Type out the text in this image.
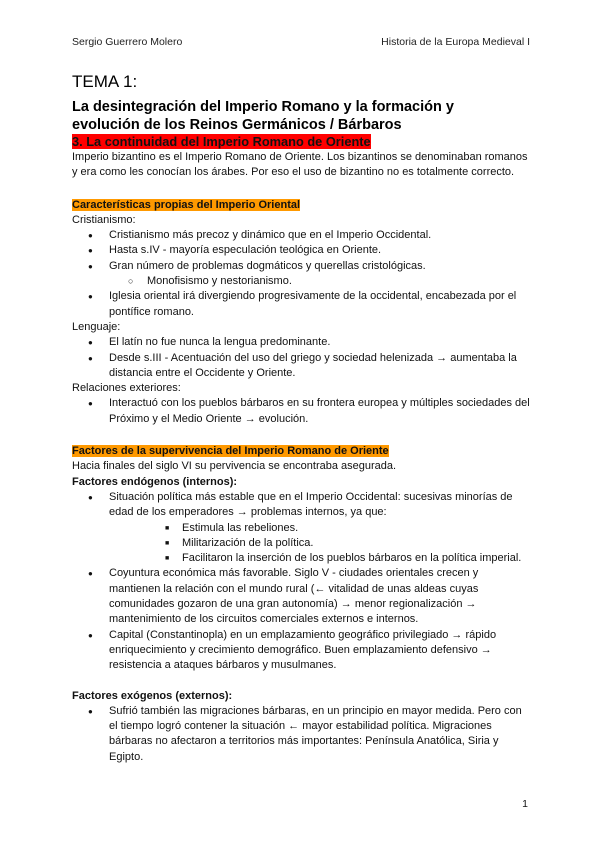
Sergio Guerrero Molero	Historia de la Europa Medieval I
TEMA 1:
La desintegración del Imperio Romano y la formación y
evolución de los Reinos Germánicos / Bárbaros
3. La continuidad del Imperio Romano de Oriente

Imperio bizantino es el Imperio Romano de Oriente. Los bizantinos se denominaban romanos y era como les conocían los árabes. Por eso el uso de bizantino no es totalmente correcto.

Características propias del Imperio Oriental
Cristianismo:
● Cristianismo más precoz y dinámico que en el Imperio Occidental.
● Hasta s.IV - mayoría especulación teológica en Oriente.
● Gran número de problemas dogmáticos y querellas cristológicas.
○ Monofisismo y nestorianismo.
● Iglesia oriental irá divergiendo progresivamente de la occidental, encabezada por el pontífice romano.
Lenguaje:
● El latín no fue nunca la lengua predominante.
● Desde s.III - Acentuación del uso del griego y sociedad helenizada → aumentaba la distancia entre el Occidente y Oriente.
Relaciones exteriores:
● Interactuó con los pueblos bárbaros en su frontera europea y múltiples sociedades del Próximo y el Medio Oriente → evolución.
Factores de la supervivencia del Imperio Romano de Oriente
Hacia finales del siglo VI su pervivencia se encontraba asegurada.
Factores endógenos (internos):
● Situación política más estable que en el Imperio Occidental: sucesivas minorías de edad de los emperadores → problemas internos, ya que:
■ Estimula las rebeliones.
■ Militarización de la política.
■ Facilitaron la inserción de los pueblos bárbaros en la política imperial.
● Coyuntura económica más favorable. Siglo V - ciudades orientales crecen y mantienen la relación con el mundo rural (← vitalidad de unas aldeas cuyas comunidades gozaron de una gran autonomía) → menor regionalización → mantenimiento de los circuitos comerciales externos e internos.
● Capital (Constantinopla) en un emplazamiento geográfico privilegiado → rápido enriquecimiento y crecimiento demográfico. Buen emplazamiento defensivo → resistencia a ataques bárbaros y musulmanes.
Factores exógenos (externos):
● Sufrió también las migraciones bárbaras, en un principio en mayor medida. Pero con el tiempo logró contener la situación ← mayor estabilidad política. Migraciones bárbaras no afectaron a territorios más importantes: Península Anatólica, Siria y Egipto.
1
